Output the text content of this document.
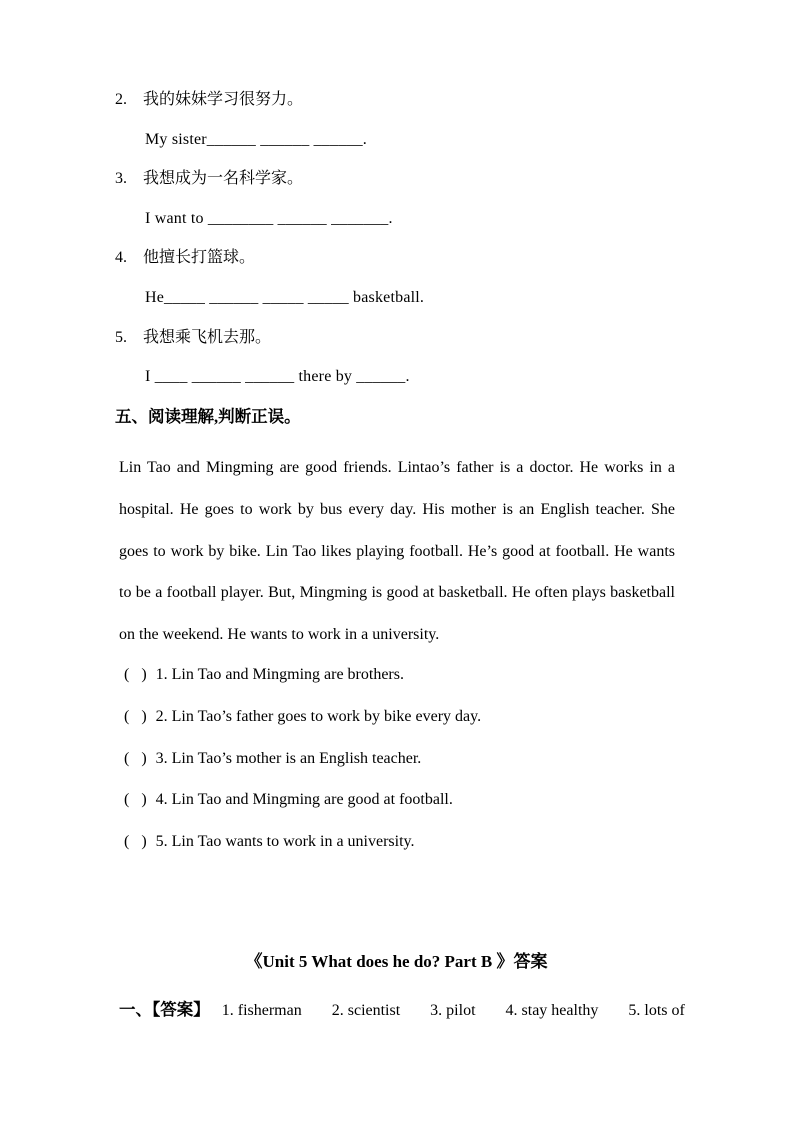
2. 我的妹妹学习很努力。
My sister______ ______ ______.
3. 我想成为一名科学家。
I want to ________ ______ _______.
4. 他擅长打篮球。
He_____ ______ _____ _____ basketball.
5. 我想乘飞机去那。
I ____ ______ ______ there by ______.
五、阅读理解,判断正误。
Lin Tao and Mingming are good friends. Lintao’s father is a doctor. He works in a
hospital. He goes to work by bus every day. His mother is an English teacher. She
goes to work by bike. Lin Tao likes playing football. He’s good at football. He wants
to be a football player. But, Mingming is good at basketball. He often plays basketball
on the weekend. He wants to work in a university.
(   ) 1. Lin Tao and Mingming are brothers.
(   ) 2. Lin Tao’s father goes to work by bike every day.
(   ) 3. Lin Tao’s mother is an English teacher.
(   ) 4. Lin Tao and Mingming are good at football.
(   ) 5. Lin Tao wants to work in a university.
《Unit 5 What does he do? Part B 》答案
一、【答案】 1. fisherman 2. scientist 3. pilot 4. stay healthy 5. lots of
